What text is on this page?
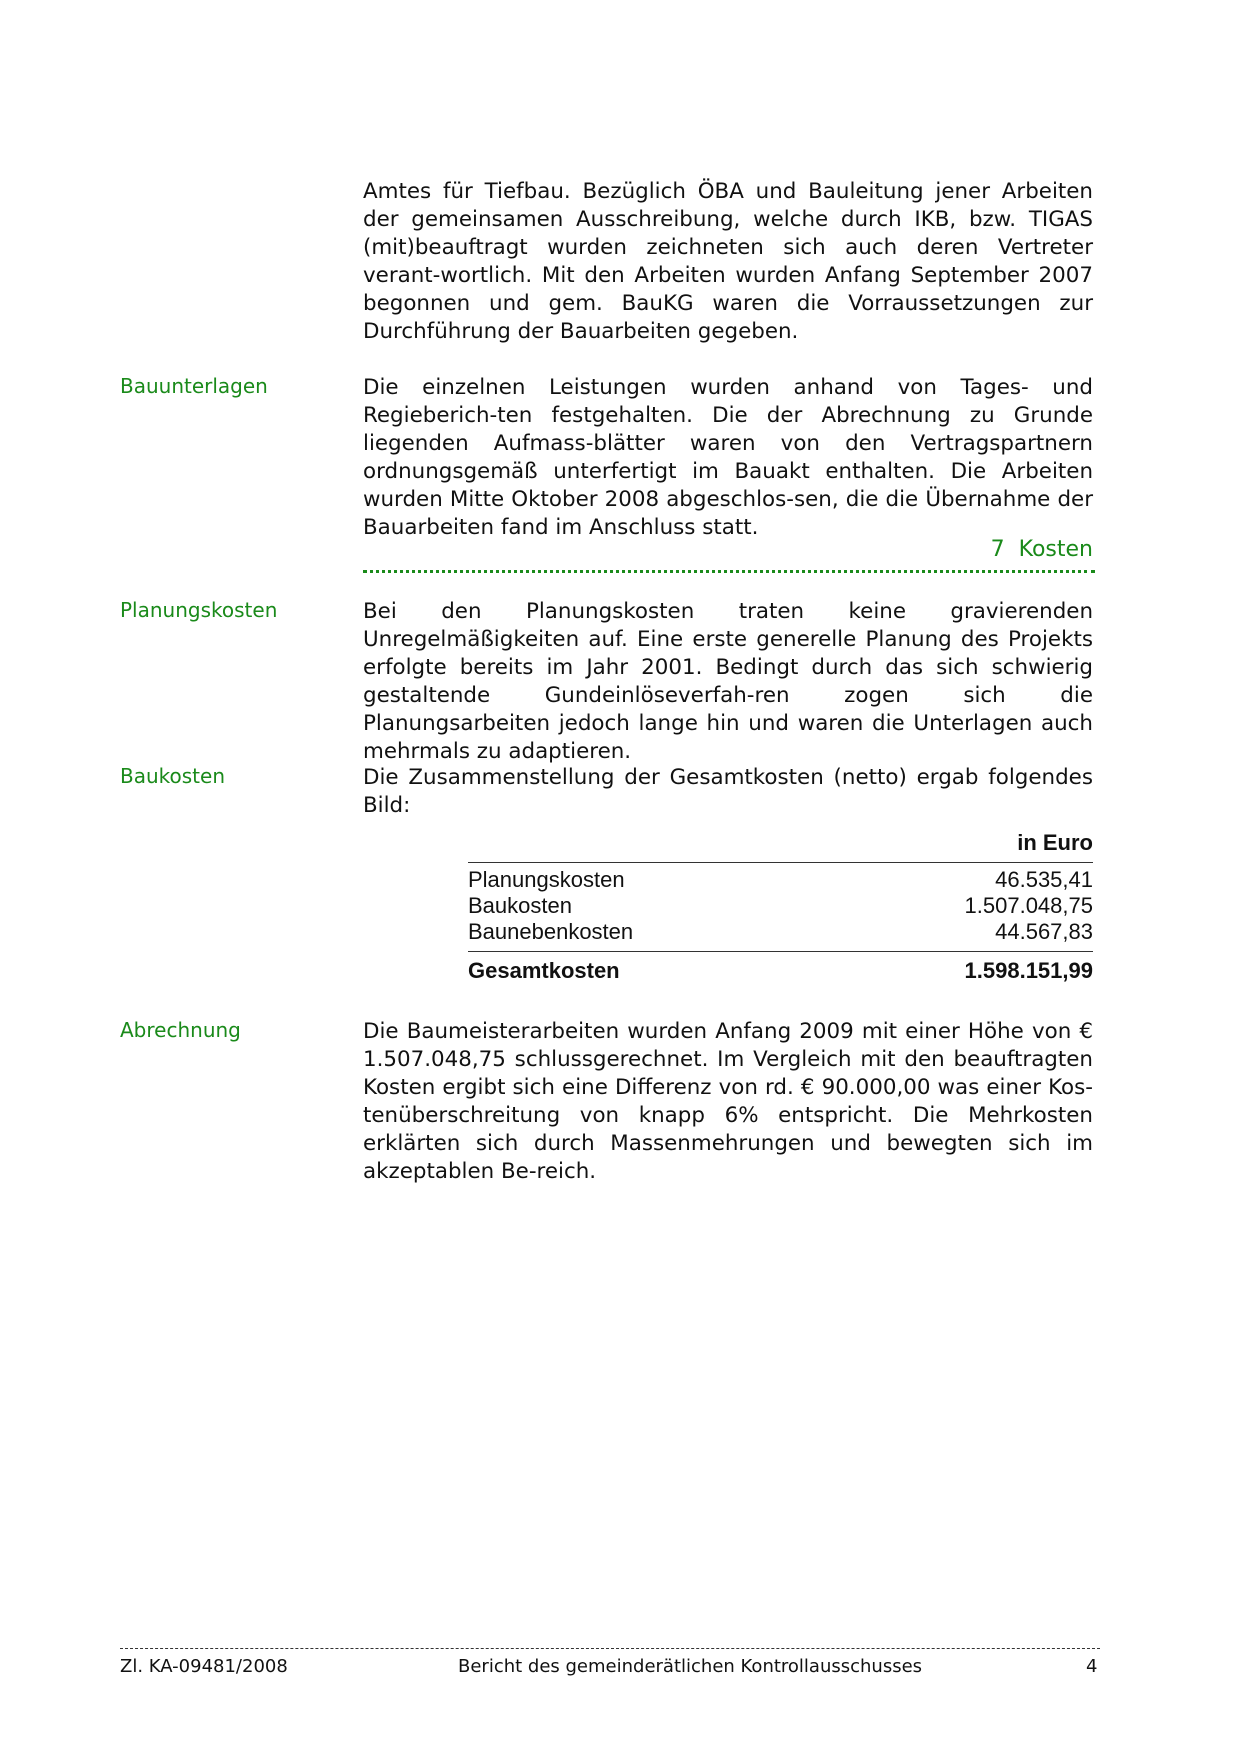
Amtes für Tiefbau. Bezüglich ÖBA und Bauleitung jener Arbeiten der gemeinsamen Ausschreibung, welche durch IKB, bzw. TIGAS (mit)beauftragt wurden zeichneten sich auch deren Vertreter verant-wortlich. Mit den Arbeiten wurden Anfang September 2007 begonnen und gem. BauKG waren die Vorraussetzungen zur Durchführung der Bauarbeiten gegeben.

Bauunterlagen	Die einzelnen Leistungen wurden anhand von Tages- und Regieberich-ten festgehalten. Die der Abrechnung zu Grunde liegenden Aufmass-blätter waren von den Vertragspartnern ordnungsgemäß unterfertigt im Bauakt enthalten. Die Arbeiten wurden Mitte Oktober 2008 abgeschlos-sen, die die Übernahme der Bauarbeiten fand im Anschluss statt.

7 Kosten
Planungskosten	Bei den Planungskosten traten keine gravierenden Unregelmäßigkeiten auf. Eine erste generelle Planung des Projekts erfolgte bereits im Jahr 2001. Bedingt durch das sich schwierig gestaltende Gundeinlöseverfah-ren zogen sich die Planungsarbeiten jedoch lange hin und waren die Unterlagen auch mehrmals zu adaptieren.

Baukosten	Die Zusammenstellung der Gesamtkosten (netto) ergab folgendes Bild:

in Euro
Planungskosten	46.535,41
Baukosten	1.507.048,75
Baunebenkosten	44.567,83
Gesamtkosten	1.598.151,99
Abrechnung	Die Baumeisterarbeiten wurden Anfang 2009 mit einer Höhe von € 1.507.048,75 schlussgerechnet. Im Vergleich mit den beauftragten Kosten ergibt sich eine Differenz von rd. € 90.000,00 was einer Kos-tenüberschreitung von knapp 6% entspricht. Die Mehrkosten erklärten sich durch Massenmehrungen und bewegten sich im akzeptablen Be-reich.

Zl. KA-09481/2008	Bericht des gemeinderätlichen Kontrollausschusses	4
